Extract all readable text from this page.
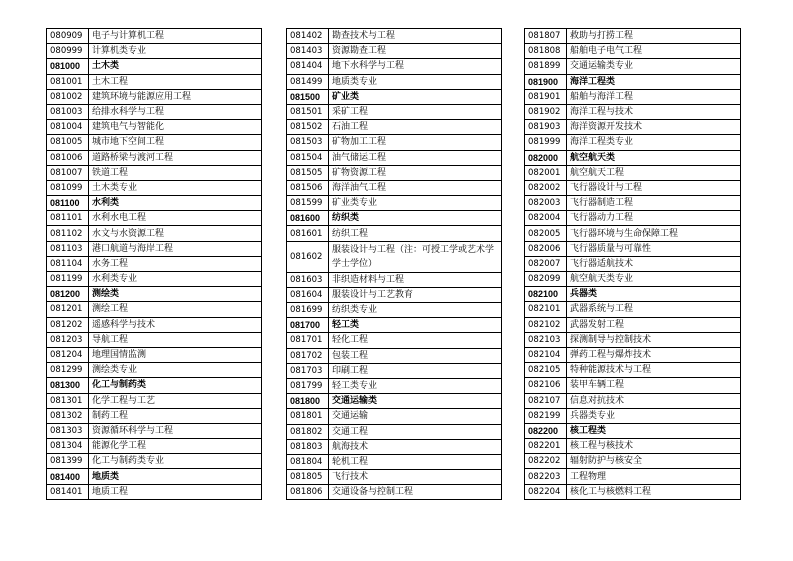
080909	电子与计算机工程
080999	计算机类专业
081000	土木类
081001	土木工程
081002	建筑环境与能源应用工程
081003	给排水科学与工程
081004	建筑电气与智能化
081005	城市地下空间工程
081006	道路桥梁与渡河工程
081007	铁道工程
081099	土木类专业
081100	水利类
081101	水利水电工程
081102	水文与水资源工程
081103	港口航道与海岸工程
081104	水务工程
081199	水利类专业
081200	测绘类
081201	测绘工程
081202	遥感科学与技术
081203	导航工程
081204	地理国情监测
081299	测绘类专业
081300	化工与制药类
081301	化学工程与工艺
081302	制药工程
081303	资源循环科学与工程
081304	能源化学工程
081399	化工与制药类专业
081400	地质类
081401	地质工程
081402	勘查技术与工程
081403	资源勘查工程
081404	地下水科学与工程
081499	地质类专业
081500	矿业类
081501	采矿工程
081502	石油工程
081503	矿物加工工程
081504	油气储运工程
081505	矿物资源工程
081506	海洋油气工程
081599	矿业类专业
081600	纺织类
081601	纺织工程
081602	服装设计与工程（注：可授工学或艺术学学士学位）
081603	非织造材料与工程
081604	服装设计与工艺教育
081699	纺织类专业
081700	轻工类
081701	轻化工程
081702	包装工程
081703	印刷工程
081799	轻工类专业
081800	交通运输类
081801	交通运输
081802	交通工程
081803	航海技术
081804	轮机工程
081805	飞行技术
081806	交通设备与控制工程
081807	救助与打捞工程
081808	船舶电子电气工程
081899	交通运输类专业
081900	海洋工程类
081901	船舶与海洋工程
081902	海洋工程与技术
081903	海洋资源开发技术
081999	海洋工程类专业
082000	航空航天类
082001	航空航天工程
082002	飞行器设计与工程
082003	飞行器制造工程
082004	飞行器动力工程
082005	飞行器环境与生命保障工程
082006	飞行器质量与可靠性
082007	飞行器适航技术
082099	航空航天类专业
082100	兵器类
082101	武器系统与工程
082102	武器发射工程
082103	探测制导与控制技术
082104	弹药工程与爆炸技术
082105	特种能源技术与工程
082106	装甲车辆工程
082107	信息对抗技术
082199	兵器类专业
082200	核工程类
082201	核工程与核技术
082202	辐射防护与核安全
082203	工程物理
082204	核化工与核燃料工程
